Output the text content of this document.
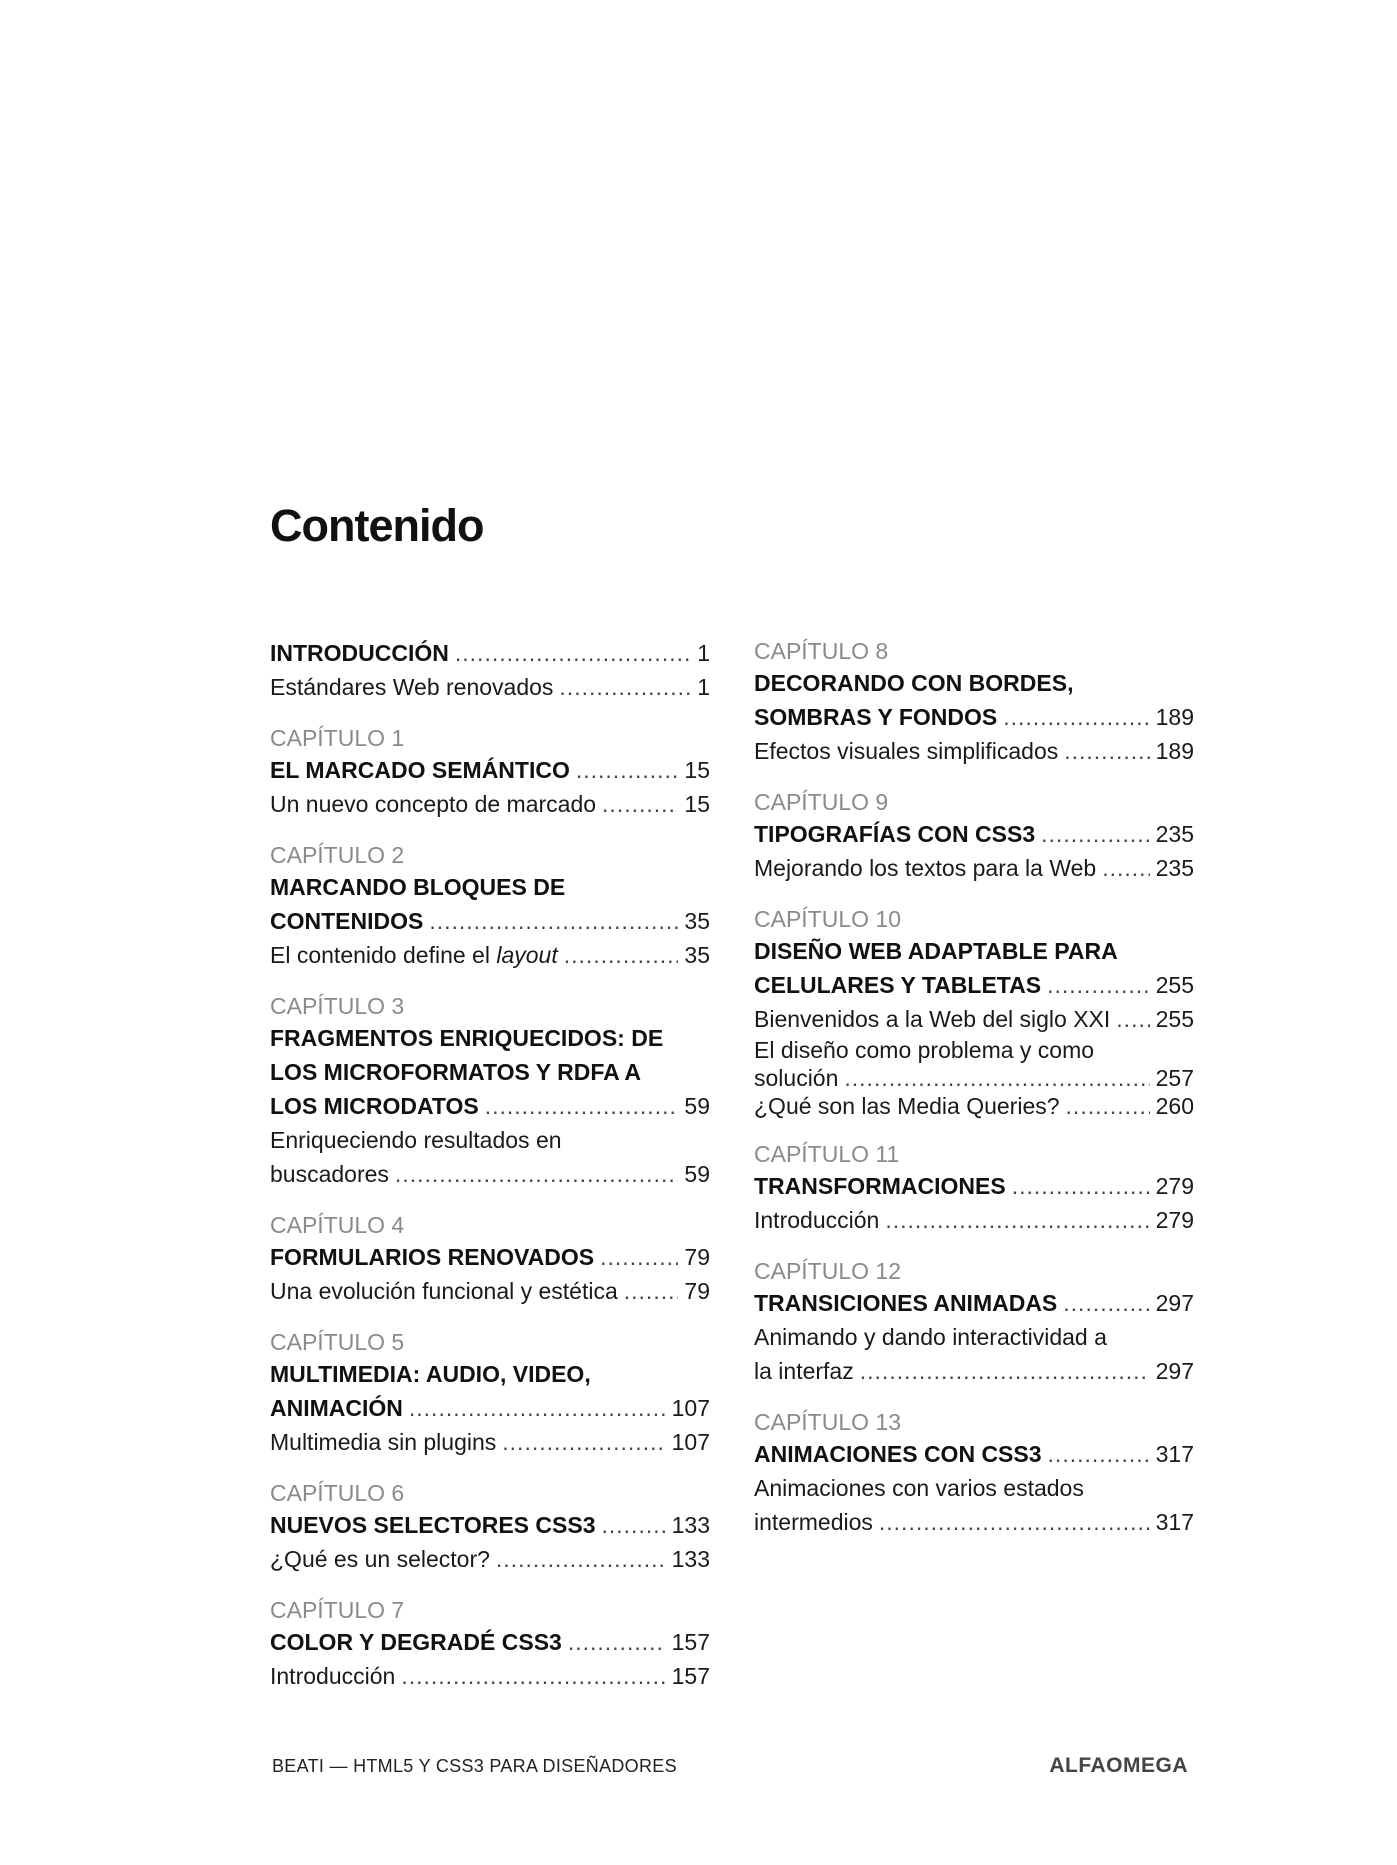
Contenido
INTRODUCCIÓN .....	1
Estándares Web renovados .....	1
CAPÍTULO 1
EL MARCADO SEMÁNTICO .....	15
Un nuevo concepto de marcado .....	15
CAPÍTULO 2
MARCANDO BLOQUES DE
CONTENIDOS .....	35
El contenido define el layout .....	35
CAPÍTULO 3
FRAGMENTOS ENRIQUECIDOS: DE
LOS MICROFORMATOS Y RDFA A
LOS MICRODATOS .....	59
Enriqueciendo resultados en
buscadores .....	59
CAPÍTULO 4
FORMULARIOS RENOVADOS .....	79
Una evolución funcional y estética .....	79
CAPÍTULO 5
MULTIMEDIA: AUDIO, VIDEO,
ANIMACIÓN .....	107
Multimedia sin plugins .....	107
CAPÍTULO 6
NUEVOS SELECTORES CSS3 .....	133
¿Qué es un selector? .....	133
CAPÍTULO 7
COLOR Y DEGRADÉ CSS3 .....	157
Introducción .....	157
CAPÍTULO 8
DECORANDO CON BORDES,
SOMBRAS Y FONDOS .....	189
Efectos visuales simplificados .....	189
CAPÍTULO 9
TIPOGRAFÍAS CON CSS3 .....	235
Mejorando los textos para la Web .....	235
CAPÍTULO 10
DISEÑO WEB ADAPTABLE PARA
CELULARES Y TABLETAS .....	255
Bienvenidos a la Web del siglo XXI ..... 255
El diseño como problema y como
solución .....	257
¿Qué son las Media Queries? .....	260
CAPÍTULO 11
TRANSFORMACIONES .....	279
Introducción .....	279
CAPÍTULO 12
TRANSICIONES ANIMADAS .....	297
Animando y dando interactividad a
la interfaz .....	297
CAPÍTULO 13
ANIMACIONES CON CSS3 .....	317
Animaciones con varios estados
intermedios .....	317
BEATI — HTML5 Y CSS3 PARA DISEÑADORES	ALFAOMEGA
